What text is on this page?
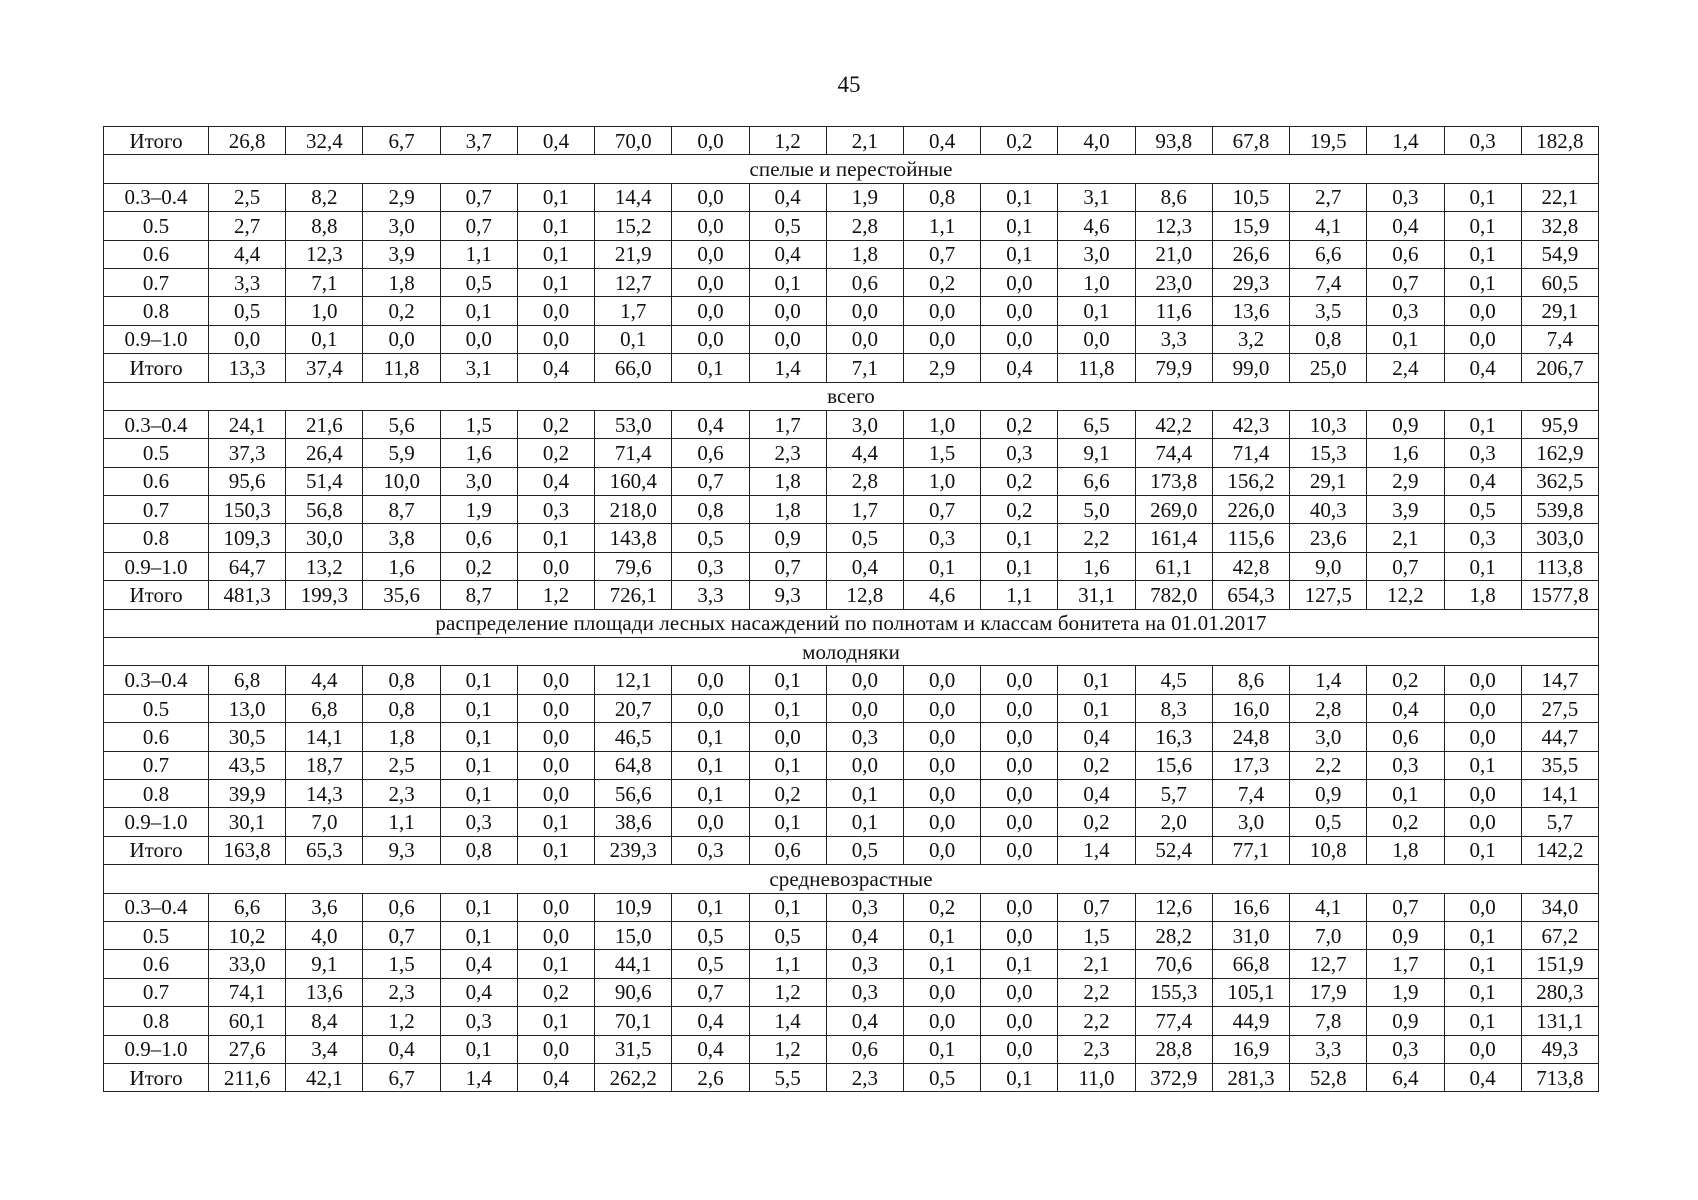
45
Итого	26,8	32,4	6,7	3,7	0,4	70,0	0,0	1,2	2,1	0,4	0,2	4,0	93,8	67,8	19,5	1,4	0,3	182,8
спелые и перестойные																		
0.3–0.4	2,5	8,2	2,9	0,7	0,1	14,4	0,0	0,4	1,9	0,8	0,1	3,1	8,6	10,5	2,7	0,3	0,1	22,1
0.5	2,7	8,8	3,0	0,7	0,1	15,2	0,0	0,5	2,8	1,1	0,1	4,6	12,3	15,9	4,1	0,4	0,1	32,8
0.6	4,4	12,3	3,9	1,1	0,1	21,9	0,0	0,4	1,8	0,7	0,1	3,0	21,0	26,6	6,6	0,6	0,1	54,9
0.7	3,3	7,1	1,8	0,5	0,1	12,7	0,0	0,1	0,6	0,2	0,0	1,0	23,0	29,3	7,4	0,7	0,1	60,5
0.8	0,5	1,0	0,2	0,1	0,0	1,7	0,0	0,0	0,0	0,0	0,0	0,1	11,6	13,6	3,5	0,3	0,0	29,1
0.9–1.0	0,0	0,1	0,0	0,0	0,0	0,1	0,0	0,0	0,0	0,0	0,0	0,0	3,3	3,2	0,8	0,1	0,0	7,4
Итого	13,3	37,4	11,8	3,1	0,4	66,0	0,1	1,4	7,1	2,9	0,4	11,8	79,9	99,0	25,0	2,4	0,4	206,7
всего																		
0.3–0.4	24,1	21,6	5,6	1,5	0,2	53,0	0,4	1,7	3,0	1,0	0,2	6,5	42,2	42,3	10,3	0,9	0,1	95,9
0.5	37,3	26,4	5,9	1,6	0,2	71,4	0,6	2,3	4,4	1,5	0,3	9,1	74,4	71,4	15,3	1,6	0,3	162,9
0.6	95,6	51,4	10,0	3,0	0,4	160,4	0,7	1,8	2,8	1,0	0,2	6,6	173,8	156,2	29,1	2,9	0,4	362,5
0.7	150,3	56,8	8,7	1,9	0,3	218,0	0,8	1,8	1,7	0,7	0,2	5,0	269,0	226,0	40,3	3,9	0,5	539,8
0.8	109,3	30,0	3,8	0,6	0,1	143,8	0,5	0,9	0,5	0,3	0,1	2,2	161,4	115,6	23,6	2,1	0,3	303,0
0.9–1.0	64,7	13,2	1,6	0,2	0,0	79,6	0,3	0,7	0,4	0,1	0,1	1,6	61,1	42,8	9,0	0,7	0,1	113,8
Итого	481,3	199,3	35,6	8,7	1,2	726,1	3,3	9,3	12,8	4,6	1,1	31,1	782,0	654,3	127,5	12,2	1,8	1577,8
распределение площади лесных насаждений по полнотам и классам бонитета на 01.01.2017																		
молодняки																		
0.3–0.4	6,8	4,4	0,8	0,1	0,0	12,1	0,0	0,1	0,0	0,0	0,0	0,1	4,5	8,6	1,4	0,2	0,0	14,7
0.5	13,0	6,8	0,8	0,1	0,0	20,7	0,0	0,1	0,0	0,0	0,0	0,1	8,3	16,0	2,8	0,4	0,0	27,5
0.6	30,5	14,1	1,8	0,1	0,0	46,5	0,1	0,0	0,3	0,0	0,0	0,4	16,3	24,8	3,0	0,6	0,0	44,7
0.7	43,5	18,7	2,5	0,1	0,0	64,8	0,1	0,1	0,0	0,0	0,0	0,2	15,6	17,3	2,2	0,3	0,1	35,5
0.8	39,9	14,3	2,3	0,1	0,0	56,6	0,1	0,2	0,1	0,0	0,0	0,4	5,7	7,4	0,9	0,1	0,0	14,1
0.9–1.0	30,1	7,0	1,1	0,3	0,1	38,6	0,0	0,1	0,1	0,0	0,0	0,2	2,0	3,0	0,5	0,2	0,0	5,7
Итого	163,8	65,3	9,3	0,8	0,1	239,3	0,3	0,6	0,5	0,0	0,0	1,4	52,4	77,1	10,8	1,8	0,1	142,2
средневозрастные																		
0.3–0.4	6,6	3,6	0,6	0,1	0,0	10,9	0,1	0,1	0,3	0,2	0,0	0,7	12,6	16,6	4,1	0,7	0,0	34,0
0.5	10,2	4,0	0,7	0,1	0,0	15,0	0,5	0,5	0,4	0,1	0,0	1,5	28,2	31,0	7,0	0,9	0,1	67,2
0.6	33,0	9,1	1,5	0,4	0,1	44,1	0,5	1,1	0,3	0,1	0,1	2,1	70,6	66,8	12,7	1,7	0,1	151,9
0.7	74,1	13,6	2,3	0,4	0,2	90,6	0,7	1,2	0,3	0,0	0,0	2,2	155,3	105,1	17,9	1,9	0,1	280,3
0.8	60,1	8,4	1,2	0,3	0,1	70,1	0,4	1,4	0,4	0,0	0,0	2,2	77,4	44,9	7,8	0,9	0,1	131,1
0.9–1.0	27,6	3,4	0,4	0,1	0,0	31,5	0,4	1,2	0,6	0,1	0,0	2,3	28,8	16,9	3,3	0,3	0,0	49,3
Итого	211,6	42,1	6,7	1,4	0,4	262,2	2,6	5,5	2,3	0,5	0,1	11,0	372,9	281,3	52,8	6,4	0,4	713,8
